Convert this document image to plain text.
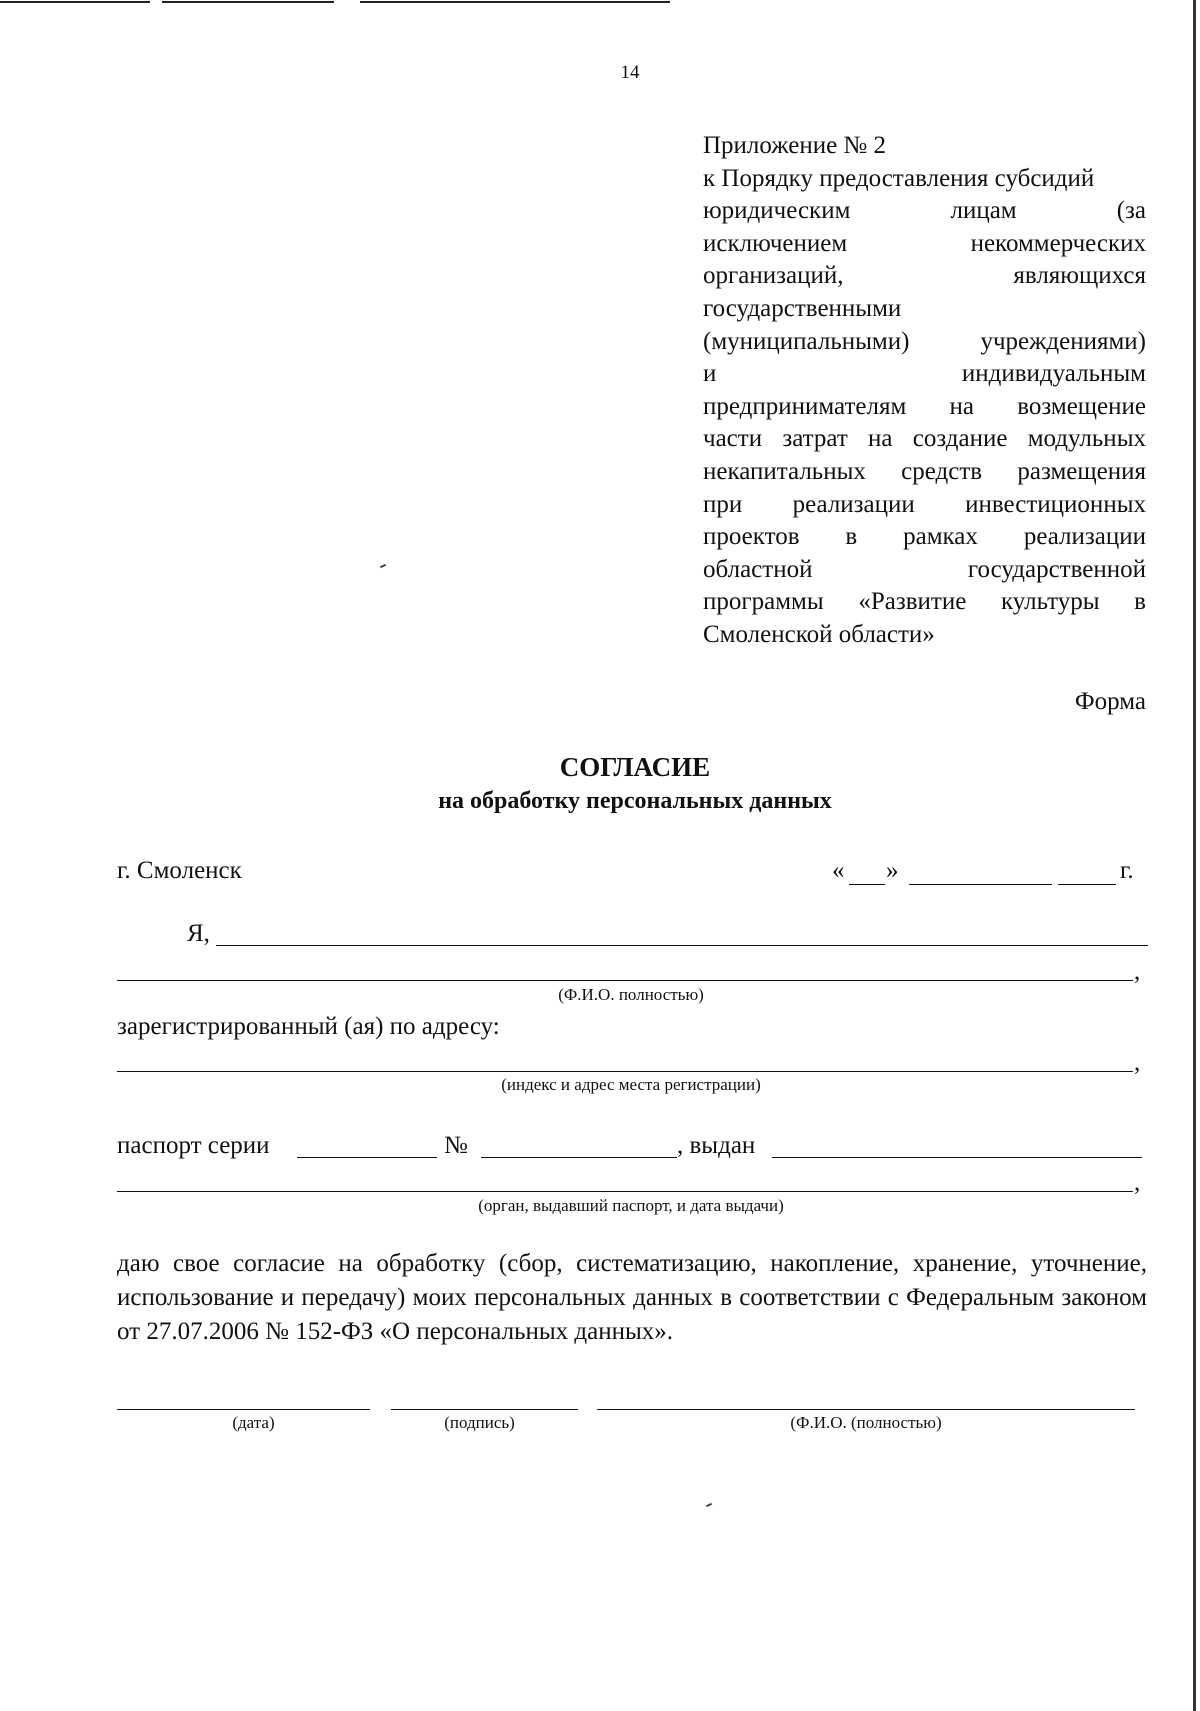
14
Приложение № 2
к Порядку предоставления субсидий
юридическим лицам (за
исключением некоммерческих
организаций, являющихся
государственными
(муниципальными) учреждениями)
и индивидуальным
предпринимателям на возмещение
части затрат на создание модульных
некапитальных средств размещения
при реализации инвестиционных
проектов в рамках реализации
областной государственной
программы «Развитие культуры в
Смоленской области»
Форма
СОГЛАСИЕ
на обработку персональных данных
г. Смоленск	« »	г.
Я,
,
(Ф.И.О. полностью)
зарегистрированный (ая) по адресу:
,
(индекс и адрес места регистрации)
паспорт серии	№	, выдан
,
(орган, выдавший паспорт, и дата выдачи)
даю свое согласие на обработку (сбор, систематизацию, накопление, хранение, уточнение, использование и передачу) моих персональных данных в соответствии с Федеральным законом от 27.07.2006 № 152-ФЗ «О персональных данных».
(дата)	(подпись)	(Ф.И.О. (полностью)
